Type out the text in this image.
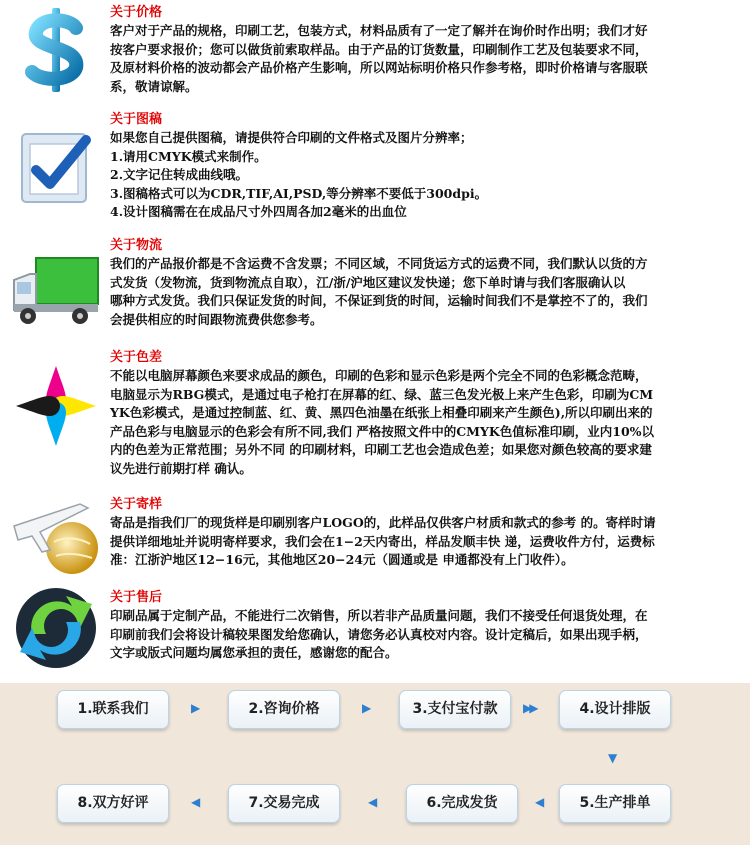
关于价格

客户对于产品的规格，印刷工艺，包装方式，材料品质有了一定了解并在询价时作出明；我们才好

按客户要求报价；您可以做货前索取样品。由于产品的订货数量，印刷制作工艺及包装要求不同，

及原材料价格的波动都会产品价格产生影响，所以网站标明价格只作参考格，即时价格请与客服联

系，敬请谅解。

关于图稿

如果您自己提供图稿，请提供符合印刷的文件格式及图片分辨率；

1.请用CMYK模式来制作。

2.文字记住转成曲线哦。

3.图稿格式可以为CDR,TIF,AI,PSD,等分辨率不要低于300dpi。

4.设计图稿需在在成品尺寸外四周各加2毫米的出血位

关于物流

我们的产品报价都是不含运费不含发票；不同区域，不同货运方式的运费不同，我们默认以货的方

式发货（发物流，货到物流点自取），江/浙/沪地区建议发快递；您下单时请与我们客服确认以

哪种方式发货。我们只保证发货的时间，不保证到货的时间，运输时间我们不是掌控不了的，我们

会提供相应的时间跟物流费供您参考。

关于色差

不能以电脑屏幕颜色来要求成品的颜色，印刷的色彩和显示色彩是两个完全不同的色彩概念范畴，

电脑显示为RBG模式，是通过电子枪打在屏幕的红、绿、蓝三色发光极上来产生色彩，印刷为CM

YK色彩模式，是通过控制蓝、红、黄、黑四色油墨在纸张上相叠印刷来产生颜色),所以印刷出来的

产品色彩与电脑显示的色彩会有所不同,我们 严格按照文件中的CMYK色值标准印刷，业内10%以

内的色差为正常范围；另外不同 的印刷材料，印刷工艺也会造成色差；如果您对颜色较高的要求建

议先进行前期打样 确认。

关于寄样

寄品是指我们厂的现货样是印刷别客户LOGO的，此样品仅供客户材质和款式的参考 的。寄样时请

提供详细地址并说明寄样要求，我们会在1−2天内寄出，样品发顺丰快 递，运费收件方付，运费标

准：江浙沪地区12−16元，其他地区20−24元（圆通或是 申通都没有上门收件）。

关于售后

印刷品属于定制产品，不能进行二次销售，所以若非产品质量问题，我们不接受任何退货处理，在

印刷前我们会将设计稿较果图发给您确认，请您务必认真校对内容。设计定稿后，如果出现手柄，

文字或版式问题均属您承担的责任，感谢您的配合。

1.联系我们	▶	2.咨询价格	▶	3.支付宝付款	▶▶	4.设计排版
▼
8.双方好评	◀	7.交易完成	◀	6.完成发货	◀	5.生产排单
